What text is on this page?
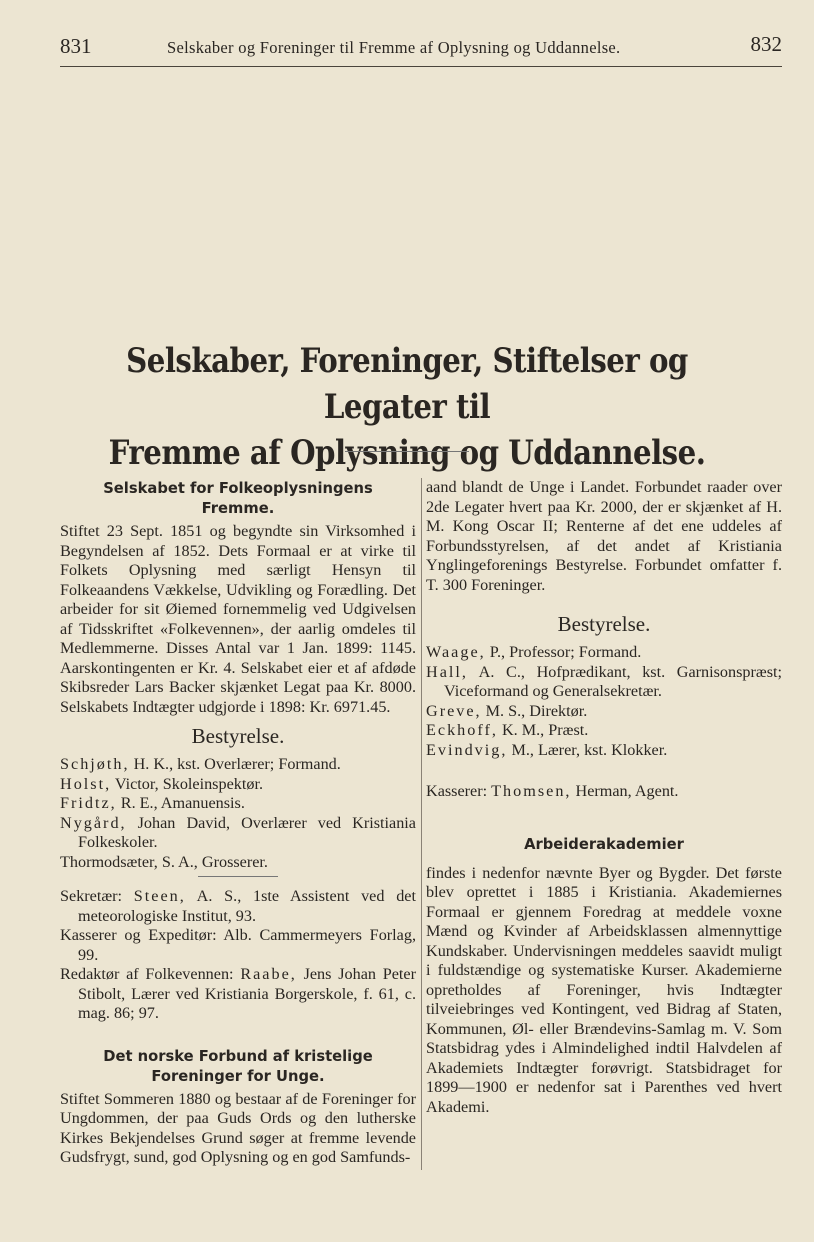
831	Selskaber og Foreninger til Fremme af Oplysning og Uddannelse.	832
Selskaber, Foreninger, Stiftelser og Legater til
Fremme af Oplysning og Uddannelse.
Selskabet for Folkeoplysningens Fremme.

Stiftet 23 Sept. 1851 og begyndte sin Virksomhed i Begyndelsen af 1852. Dets Formaal er at virke til Folkets Oplysning med særligt Hensyn til Folkeaandens Vækkelse, Udvikling og Forædling. Det arbeider for sit Øiemed fornemmelig ved Udgivelsen af Tidsskriftet «Folkevennen», der aarlig omdeles til Medlemmerne. Disses Antal var 1 Jan. 1899: 1145. Aarskontingenten er Kr. 4. Selskabet eier et af afdøde Skibsreder Lars Backer skjænket Legat paa Kr. 8000. Selskabets Indtægter udgjorde i 1898: Kr. 6971.45.

Bestyrelse.

Schjøth, H. K., kst. Overlærer; Formand.

Holst, Victor, Skoleinspektør.

Fridtz, R. E., Amanuensis.

Nygård, Johan David, Overlærer ved Kristiania Folkeskoler.

Thormodsæter, S. A., Grosserer.

Sekretær: Steen, A. S., 1ste Assistent ved det meteorologiske Institut, 93.

Kasserer og Expeditør: Alb. Cammermeyers Forlag, 99.

Redaktør af Folkevennen: Raabe, Jens Johan Peter Stibolt, Lærer ved Kristiania Borgerskole, f. 61, c. mag. 86; 97.

Det norske Forbund af kristelige
Foreninger for Unge.

Stiftet Sommeren 1880 og bestaar af de Foreninger for Ungdommen, der paa Guds Ords og den lutherske Kirkes Bekjendelses Grund søger at fremme levende Gudsfrygt, sund, god Oplysning og en god Samfunds-

aand blandt de Unge i Landet. Forbundet raader over 2de Legater hvert paa Kr. 2000, der er skjænket af H. M. Kong Oscar II; Renterne af det ene uddeles af Forbundsstyrelsen, af det andet af Kristiania Ynglingeforenings Bestyrelse. Forbundet omfatter f. T. 300 Foreninger.

Bestyrelse.

Waage, P., Professor; Formand.

Hall, A. C., Hofprædikant, kst. Garnisonspræst; Viceformand og Generalsekretær.

Greve, M. S., Direktør.

Eckhoff, K. M., Præst.

Evindvig, M., Lærer, kst. Klokker.

Kasserer: Thomsen, Herman, Agent.

Arbeiderakademier

findes i nedenfor nævnte Byer og Bygder. Det første blev oprettet i 1885 i Kristiania. Akademiernes Formaal er gjennem Foredrag at meddele voxne Mænd og Kvinder af Arbeidsklassen almennyttige Kundskaber. Undervisningen meddeles saavidt muligt i fuldstændige og systematiske Kurser. Akademierne opretholdes af Foreninger, hvis Indtægter tilveiebringes ved Kontingent, ved Bidrag af Staten, Kommunen, Øl- eller Brændevins-Samlag m. V. Som Statsbidrag ydes i Almindelighed indtil Halvdelen af Akademiets Indtægter forøvrigt. Statsbidraget for 1899—1900 er nedenfor sat i Parenthes ved hvert Akademi.
